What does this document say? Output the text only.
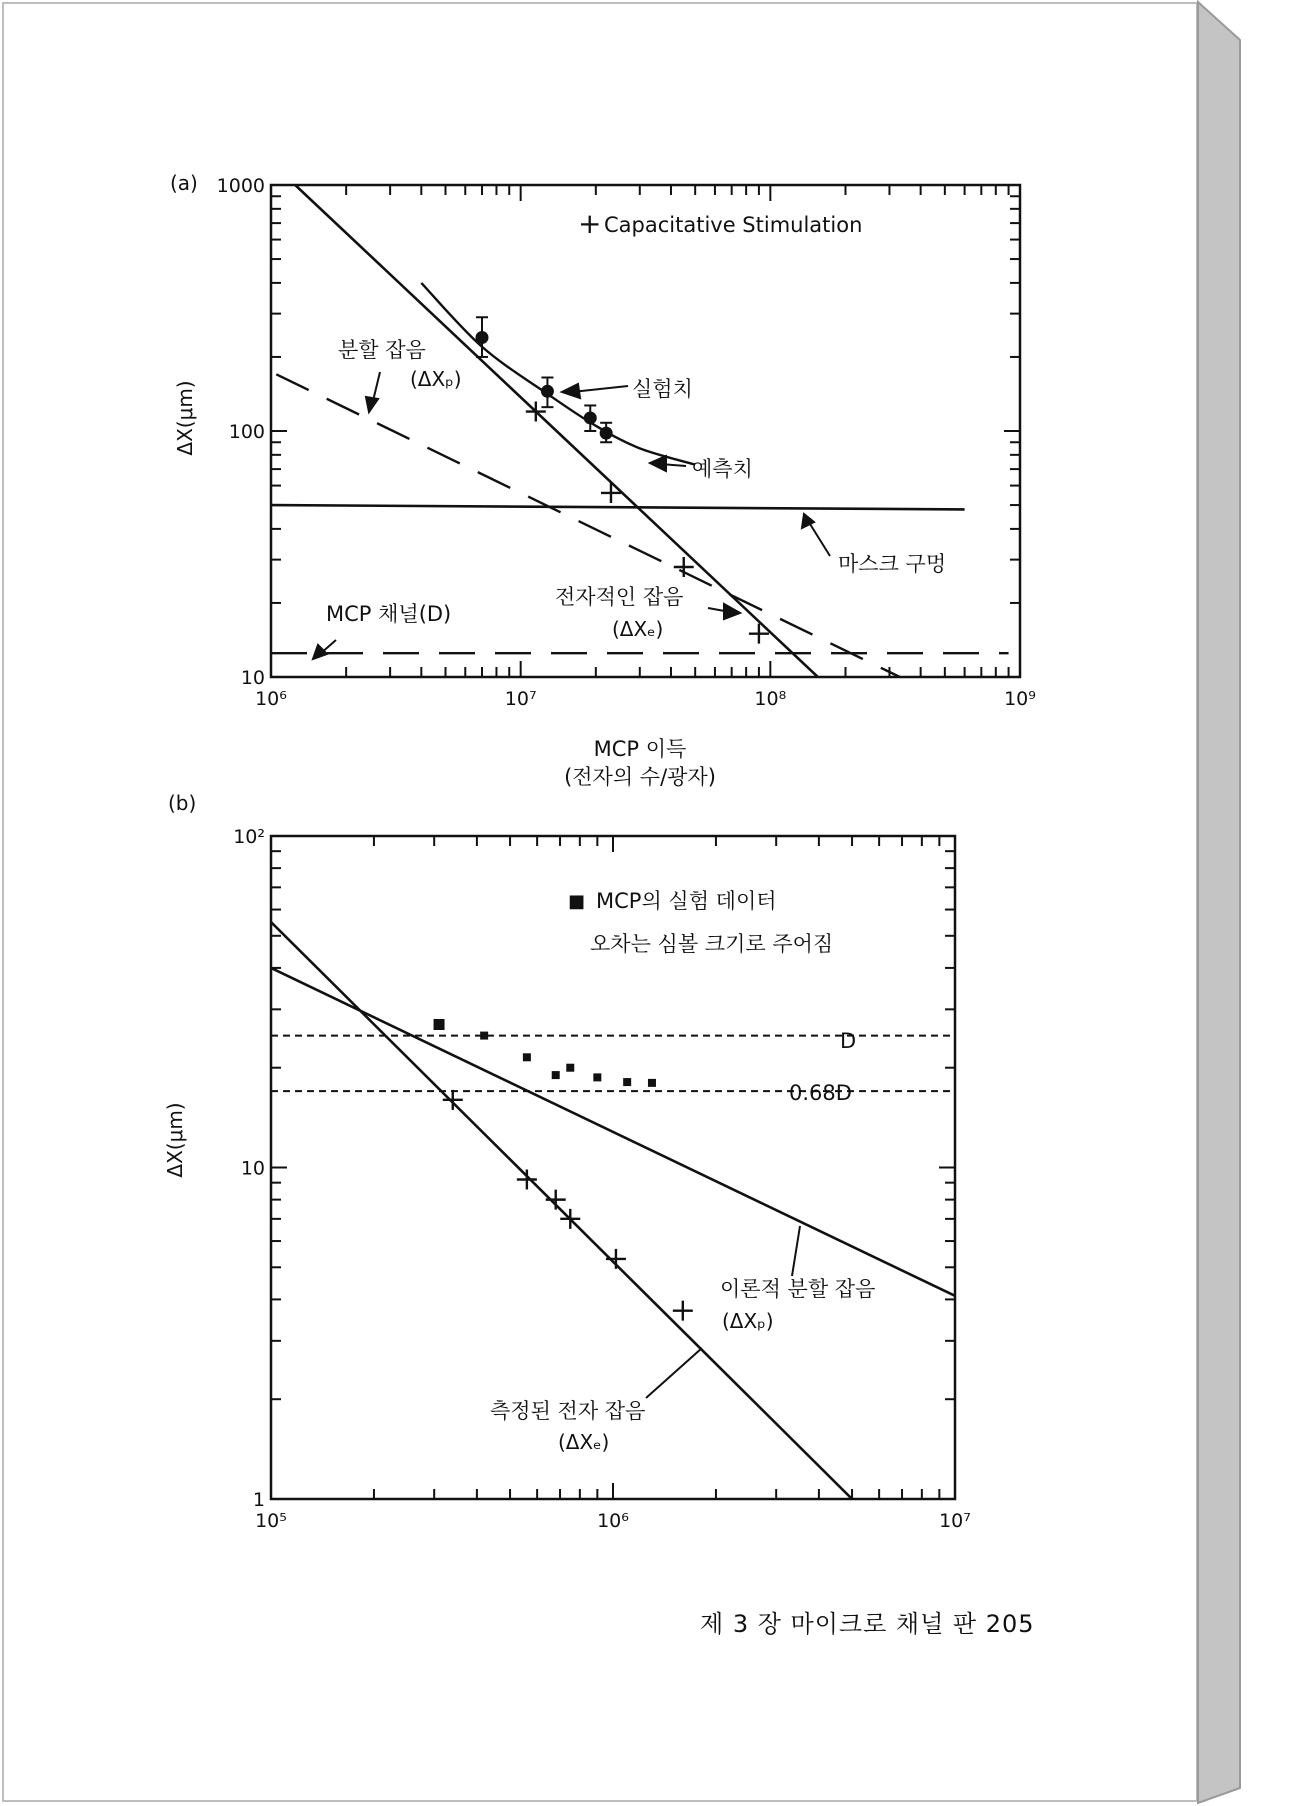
10⁶	10⁷	10⁸	10⁹
10
100
1000
(a)
ΔX(μm)
MCP 이득
(전자의 수/광자)
+ Capacitative Stimulation
분할 잡음
(ΔXₚ)	실험치
예측치
마스크 구멍
전자적인 잡음
(ΔXₑ)
MCP 채널(D)
10⁵	10⁶	10⁷
1
10
10²
(b)
ΔX(μm)
■ MCP의 실험 데이터
오차는 심볼 크기로 주어짐
D
0.68D
이론적 분할 잡음
(ΔXₚ)
측정된 전자 잡음
(ΔXₑ)
제 3 장 마이크로 채널 판 205
